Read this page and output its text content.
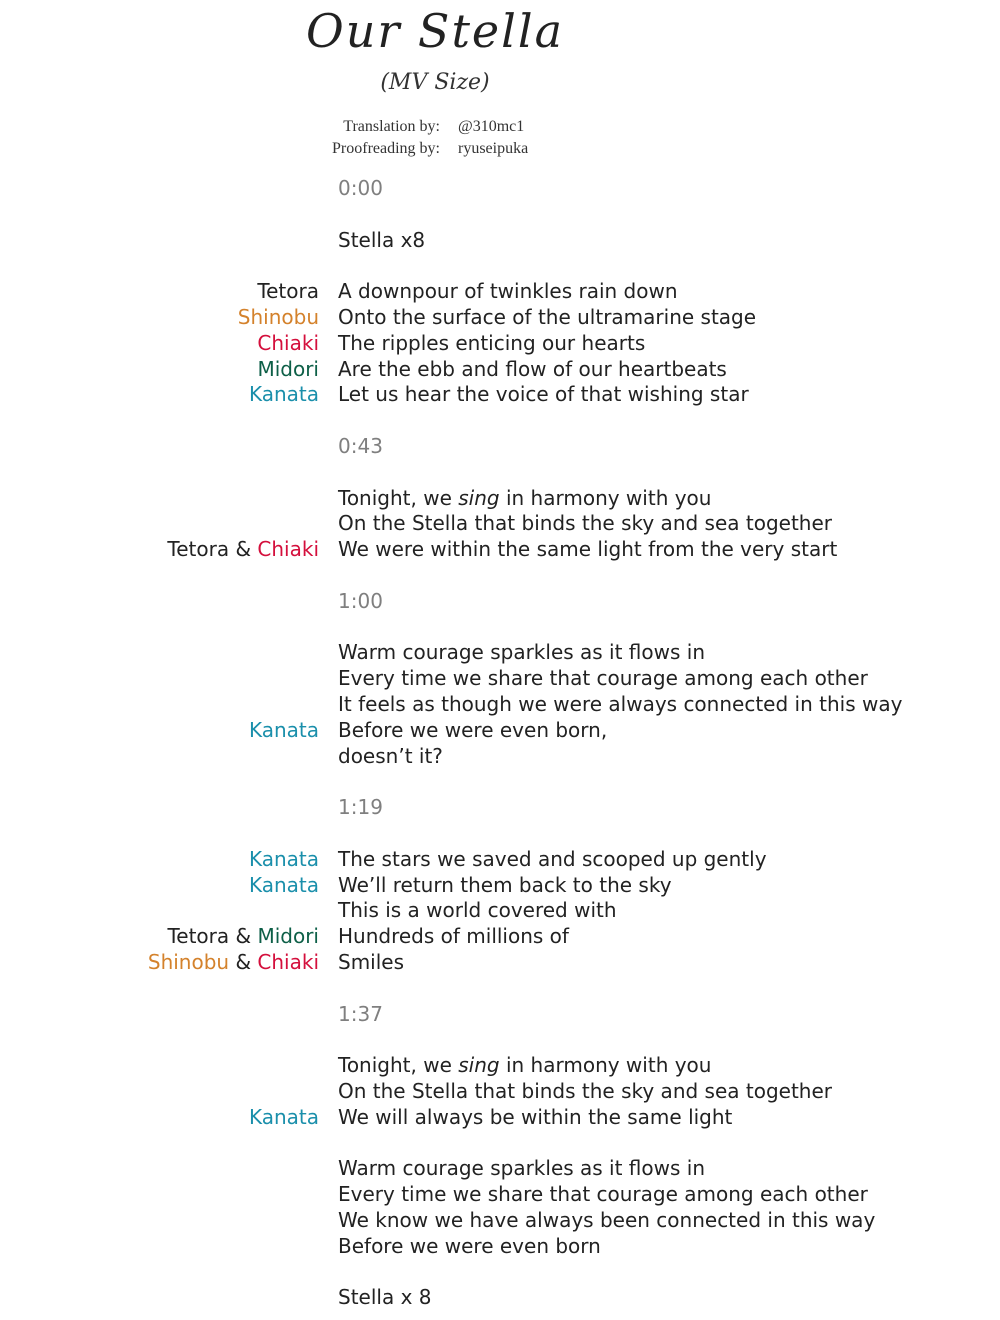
Our Stella
(MV Size)
Translation by:	@310mc1
Proofreading by:	ryuseipuka
0:00
Stella x8
Tetora A downpour of twinkles rain down
Shinobu Onto the surface of the ultramarine stage
Chiaki The ripples enticing our hearts
Midori Are the ebb and flow of our heartbeats
Kanata Let us hear the voice of that wishing star
0:43
Tonight, we sing in harmony with you
On the Stella that binds the sky and sea together
Tetora & Chiaki We were within the same light from the very start
1:00
Warm courage sparkles as it flows in
Every time we share that courage among each other
It feels as though we were always connected in this way
Kanata Before we were even born,
doesn’t it?
1:19
Kanata The stars we saved and scooped up gently
Kanata We’ll return them back to the sky
This is a world covered with
Tetora & Midori Hundreds of millions of
Shinobu & Chiaki Smiles
1:37
Tonight, we sing in harmony with you
On the Stella that binds the sky and sea together
Kanata We will always be within the same light
Warm courage sparkles as it flows in
Every time we share that courage among each other
We know we have always been connected in this way
Before we were even born
Stella x 8
